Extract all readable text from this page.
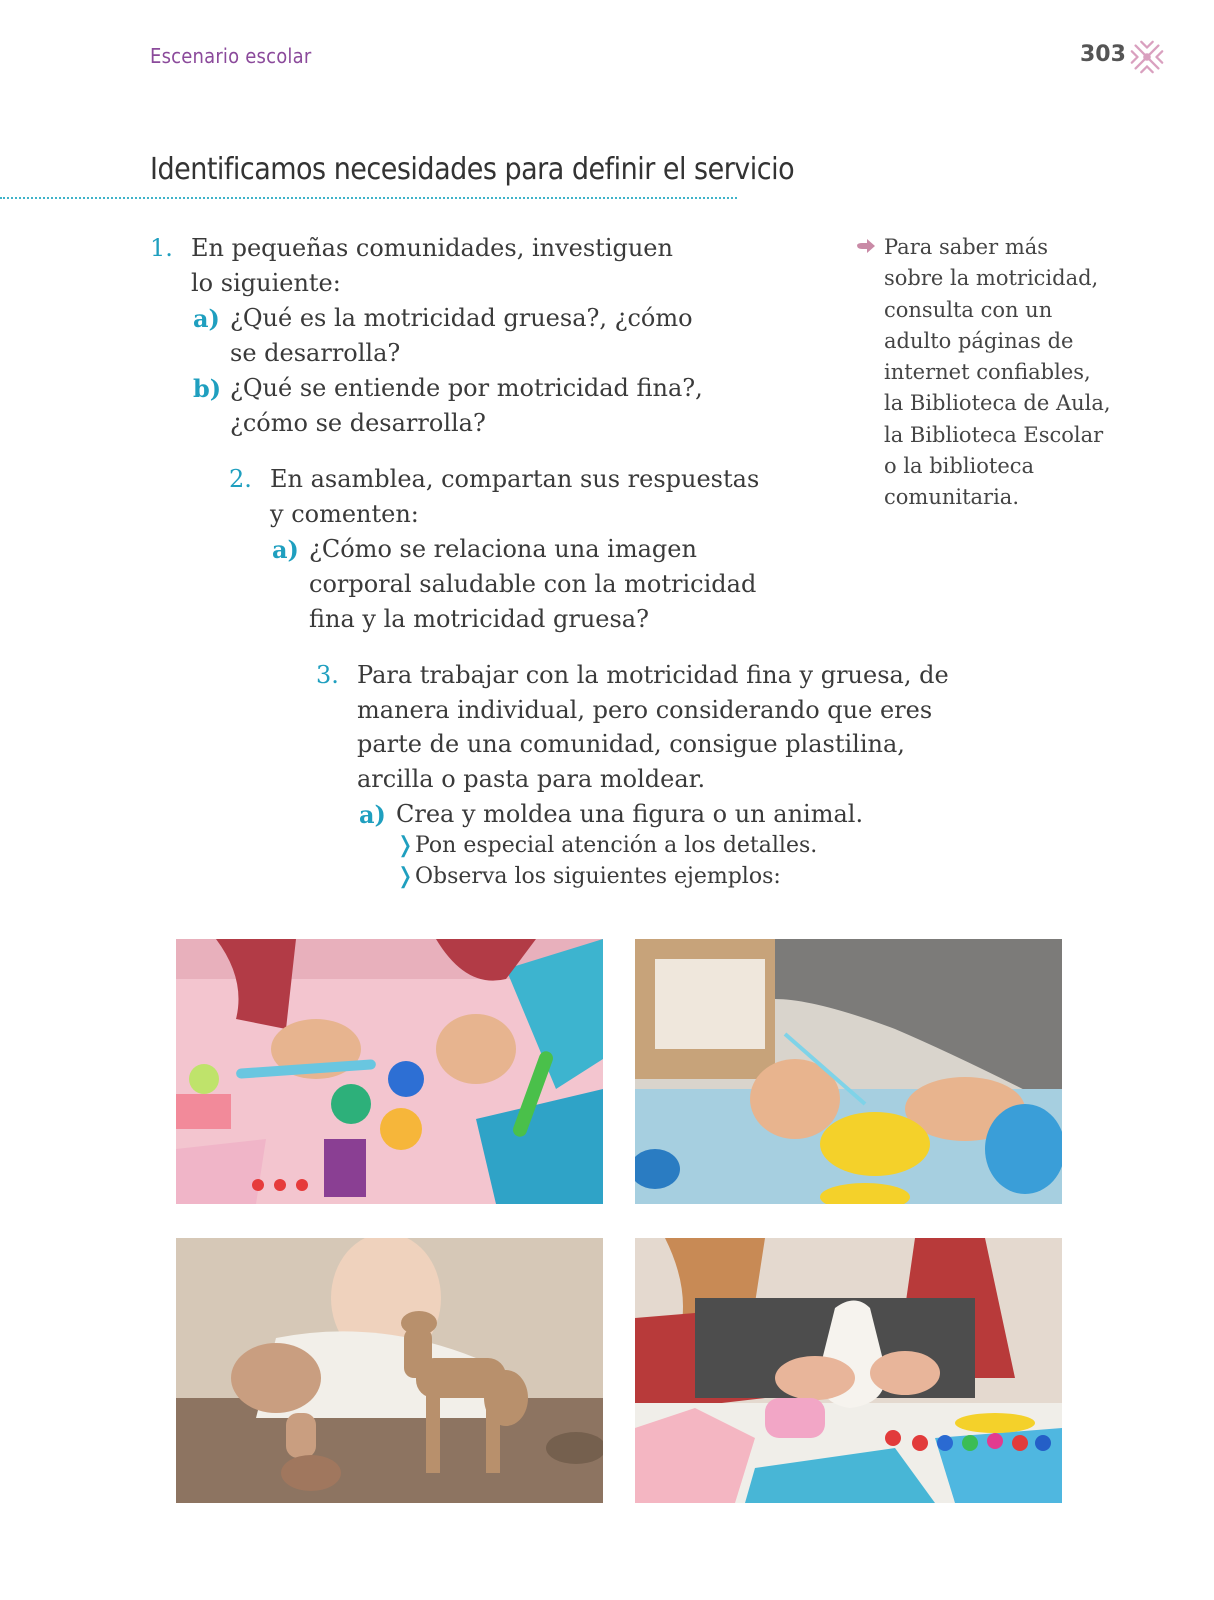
Escenario escolar	303
Identificamos necesidades para definir el servicio
1. En pequeñas comunidades, investiguen
lo siguiente:
a) ¿Qué es la motricidad gruesa?, ¿cómo
se desarrolla?
b) ¿Qué se entiende por motricidad fina?,
¿cómo se desarrolla?
2. En asamblea, compartan sus respuestas
y comenten:
a) ¿Cómo se relaciona una imagen
corporal saludable con la motricidad
fina y la motricidad gruesa?
3. Para trabajar con la motricidad fina y gruesa, de
manera individual, pero considerando que eres
parte de una comunidad, consigue plastilina,
arcilla o pasta para moldear.
a) Crea y moldea una figura o un animal.
❭ Pon especial atención a los detalles.
❭ Observa los siguientes ejemplos:
Para saber más
sobre la motricidad,
consulta con un
adulto páginas de
internet confiables,
la Biblioteca de Aula,
la Biblioteca Escolar
o la biblioteca
comunitaria.
